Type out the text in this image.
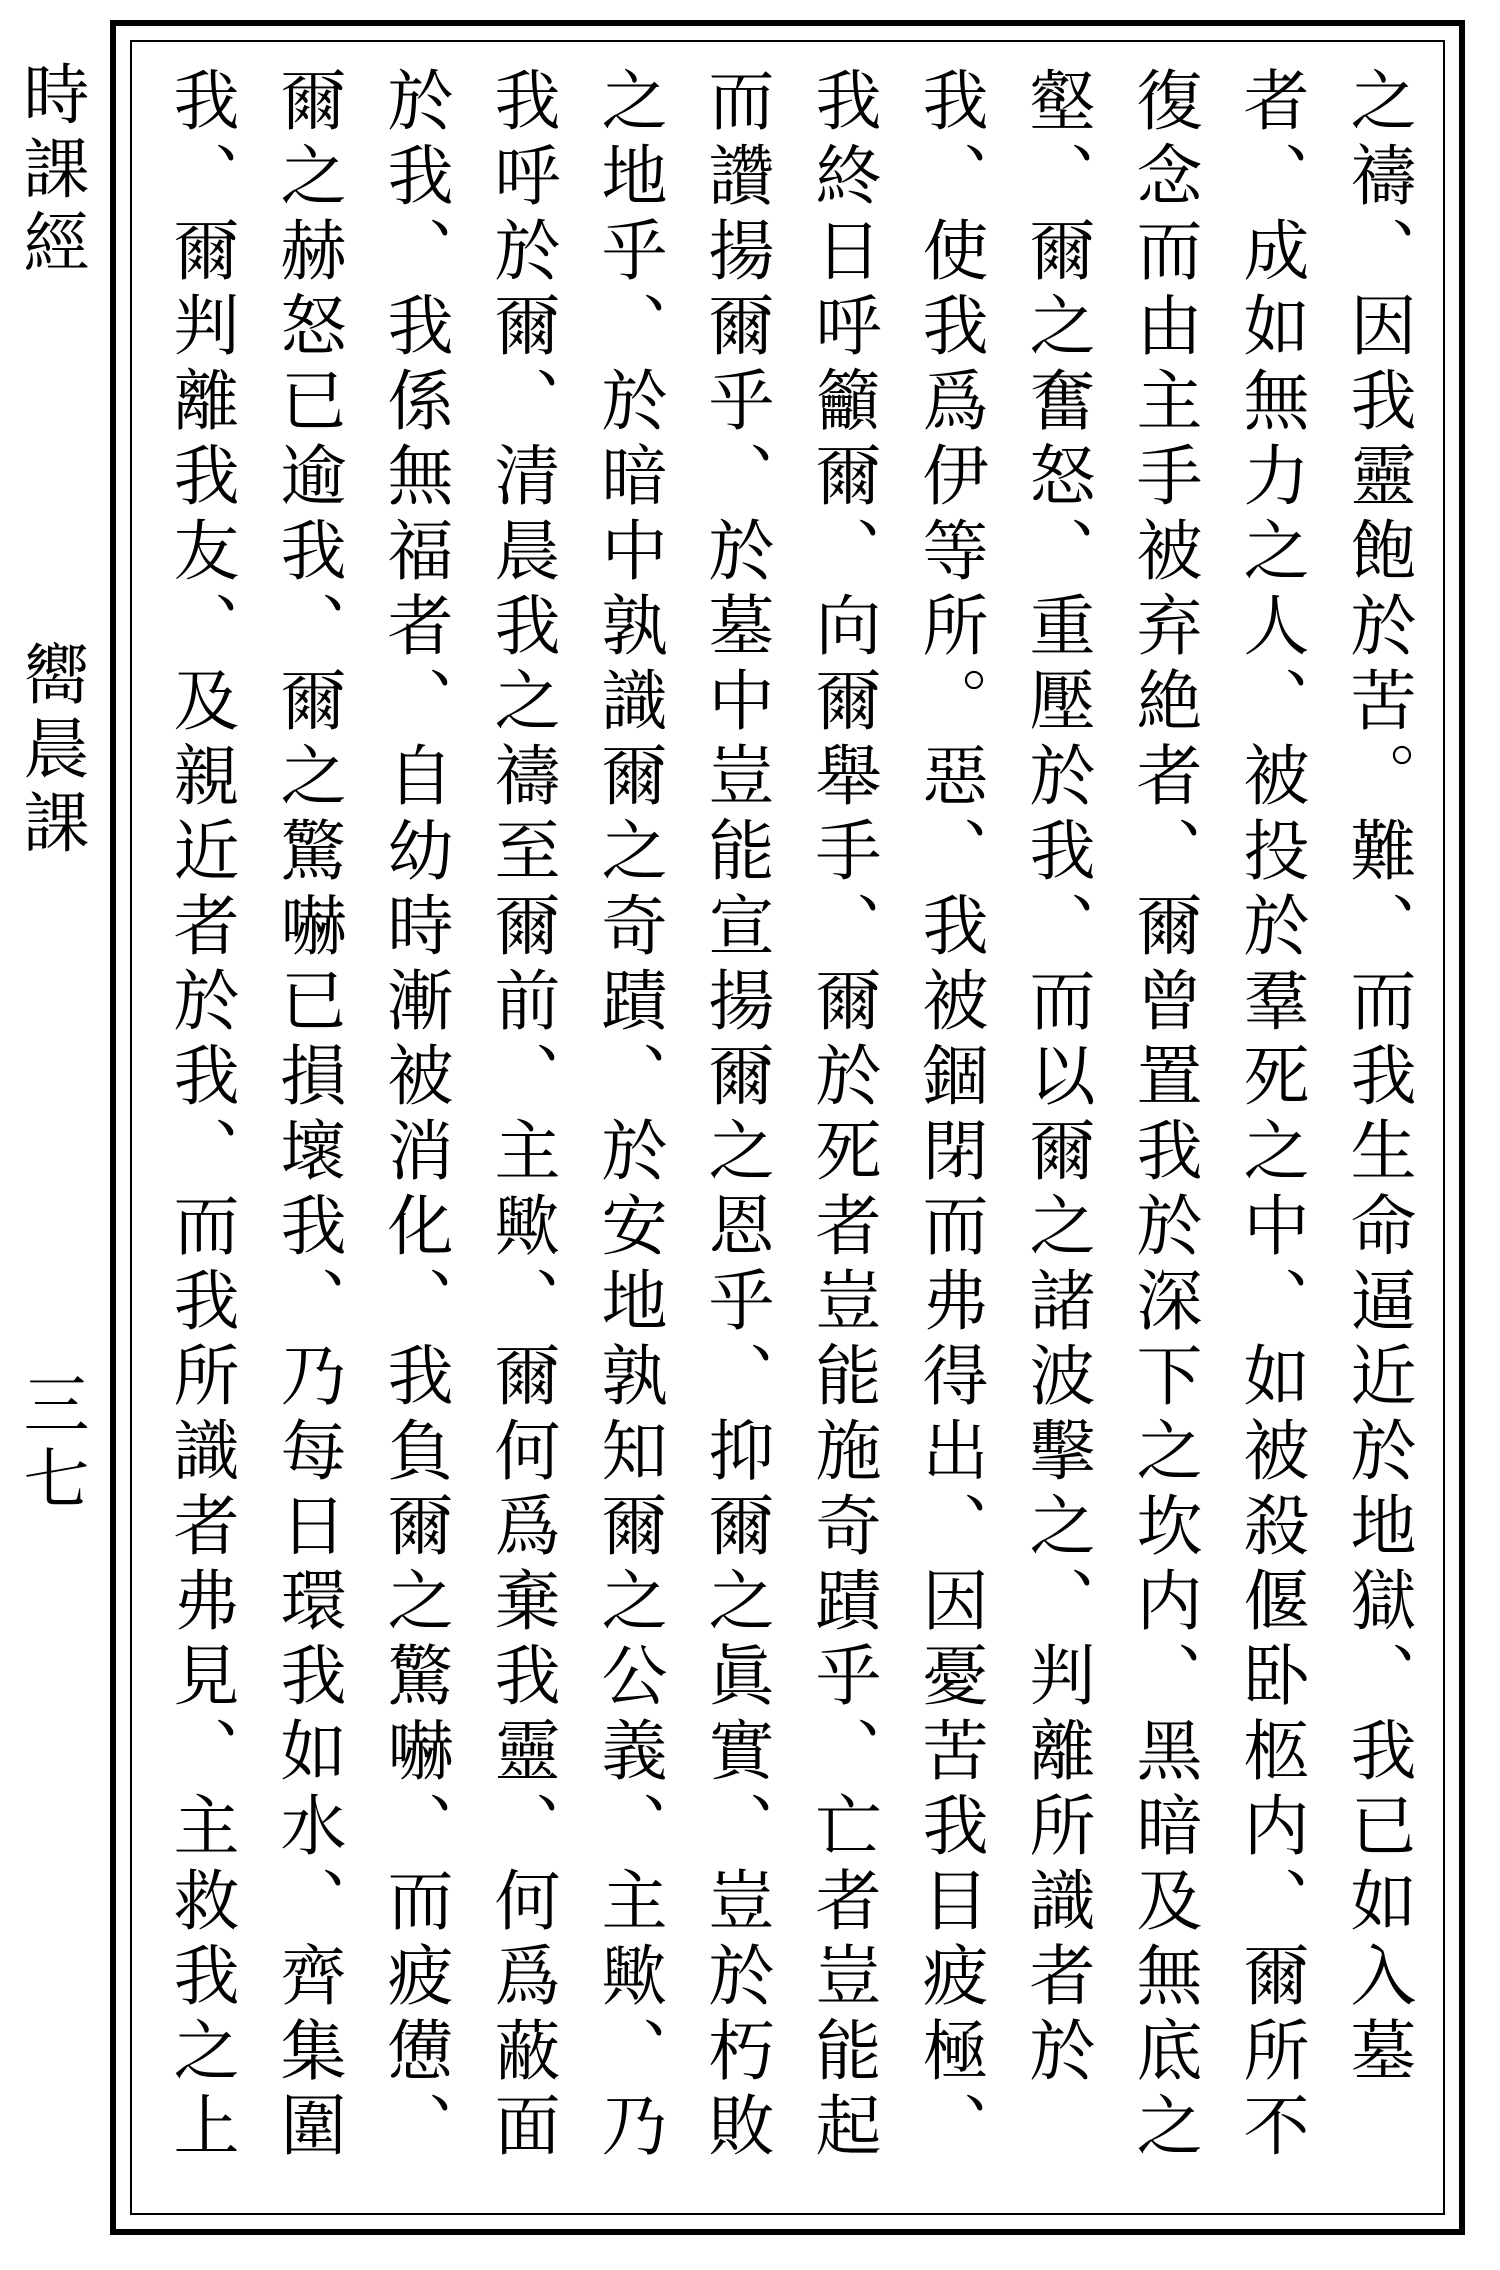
時課經
嚮晨課
三七
之禱、因我靈飽於苦。難、而我生命逼近於地獄、我已如入墓者、成如無力之人、被投於羣死之中、如被殺偃卧柩内、爾所不復念而由主手被弃絶者、爾曾置我於深下之坎内、黑暗及無底之壑、爾之奮怒、重壓於我、而以爾之諸波擊之、判離所識者於我、使我爲伊等所。惡、我被錮閉而弗得出、因憂苦我目疲極、我終日呼籲爾、向爾舉手、爾於死者豈能施奇蹟乎、亡者豈能起而讚揚爾乎、於墓中豈能宣揚爾之恩乎、抑爾之眞實、豈於朽敗之地乎、於暗中孰識爾之奇蹟、於安地孰知爾之公義、主歟、乃我呼於爾、清晨我之禱至爾前、主歟、爾何爲棄我靈、何爲蔽面於我、我係無福者、自幼時漸被消化、我負爾之驚嚇、而疲憊、爾之赫怒已逾我、爾之驚嚇已損壞我、乃每日環我如水、齊集圍我、爾判離我友、及親近者於我、而我所識者弗見、主救我之上
